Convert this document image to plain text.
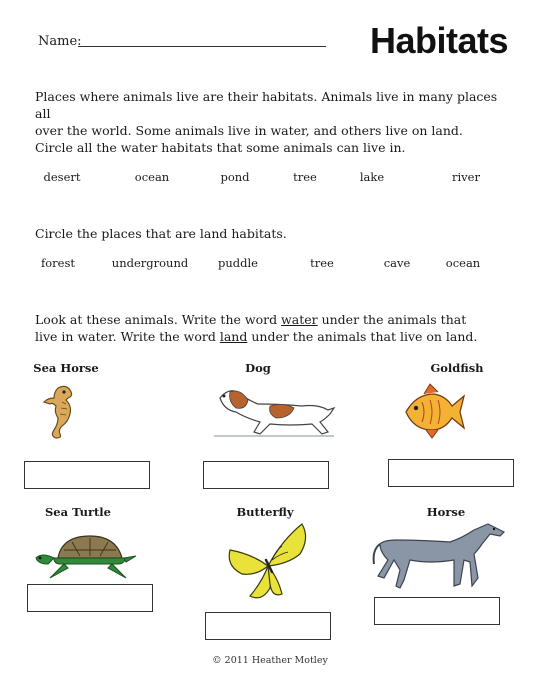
Name:	Habitats
Places where animals live are their habitats. Animals live in many places all
over the world. Some animals live in water, and others live on land.
Circle all the water habitats that some animals can live in.
desert	ocean	pond	tree	lake	river
Circle the places that are land habitats.
forest	underground	puddle	tree	cave	ocean
Look at these animals. Write the word water under the animals that
live in water. Write the word land under the animals that live on land.
Sea Horse	Dog	Goldfish
Sea Turtle	Butterfly	Horse
© 2011 Heather Motley
